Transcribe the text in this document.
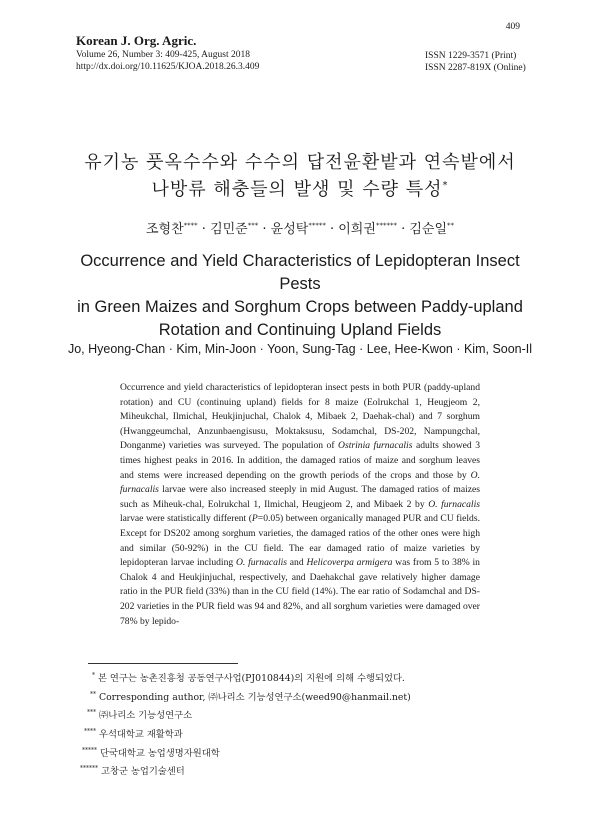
Korean J. Org. Agric.
Volume 26, Number 3: 409-425, August 2018
http://dx.doi.org/10.11625/KJOA.2018.26.3.409
409
ISSN 1229-3571 (Print)
ISSN 2287-819X (Online)
유기농 풋옥수수와 수수의 답전윤환밭과 연속밭에서
나방류 해충들의 발생 및 수량 특성*
조형찬**** · 김민준*** · 윤성탁***** · 이희권****** · 김순일**
Occurrence and Yield Characteristics of Lepidopteran Insect Pests
in Green Maizes and Sorghum Crops between Paddy-upland
Rotation and Continuing Upland Fields
Jo, Hyeong-Chan · Kim, Min-Joon · Yoon, Sung-Tag · Lee, Hee-Kwon · Kim, Soon-Il
Occurrence and yield characteristics of lepidopteran insect pests in both PUR (paddy-upland rotation) and CU (continuing upland) fields for 8 maize (Eolrukchal 1, Heugjeom 2, Miheukchal, Ilmichal, Heukjinjuchal, Chalok 4, Mibaek 2, Daehak-chal) and 7 sorghum (Hwanggeumchal, Anzunbaengisusu, Moktaksusu, Sodamchal, DS-202, Nampungchal, Donganme) varieties was surveyed. The population of Ostrinia furnacalis adults showed 3 times highest peaks in 2016. In addition, the damaged ratios of maize and sorghum leaves and stems were increased depending on the growth periods of the crops and those by O. furnacalis larvae were also increased steeply in mid August. The damaged ratios of maizes such as Miheuk-chal, Eolrukchal 1, Ilmichal, Heugjeom 2, and Mibaek 2 by O. furnacalis larvae were statistically different (P=0.05) between organically managed PUR and CU fields. Except for DS202 among sorghum varieties, the damaged ratios of the other ones were high and similar (50-92%) in the CU field. The ear damaged ratio of maize varieties by lepidopteran larvae including O. furnacalis and Helicoverpa armigera was from 5 to 38% in Chalok 4 and Heukjinjuchal, respectively, and Daehakchal gave relatively higher damage ratio in the PUR field (33%) than in the CU field (14%). The ear ratio of Sodamchal and DS-202 varieties in the PUR field was 94 and 82%, and all sorghum varieties were damaged over 78% by lepido-
* 본 연구는 농촌진흥청 공동연구사업(PJ010844)의 지원에 의해 수행되었다.
** Corresponding author, ㈜나리소 기능성연구소(weed90@hanmail.net)
*** ㈜나리소 기능성연구소
**** 우석대학교 재활학과
***** 단국대학교 농업생명자원대학
****** 고창군 농업기술센터
